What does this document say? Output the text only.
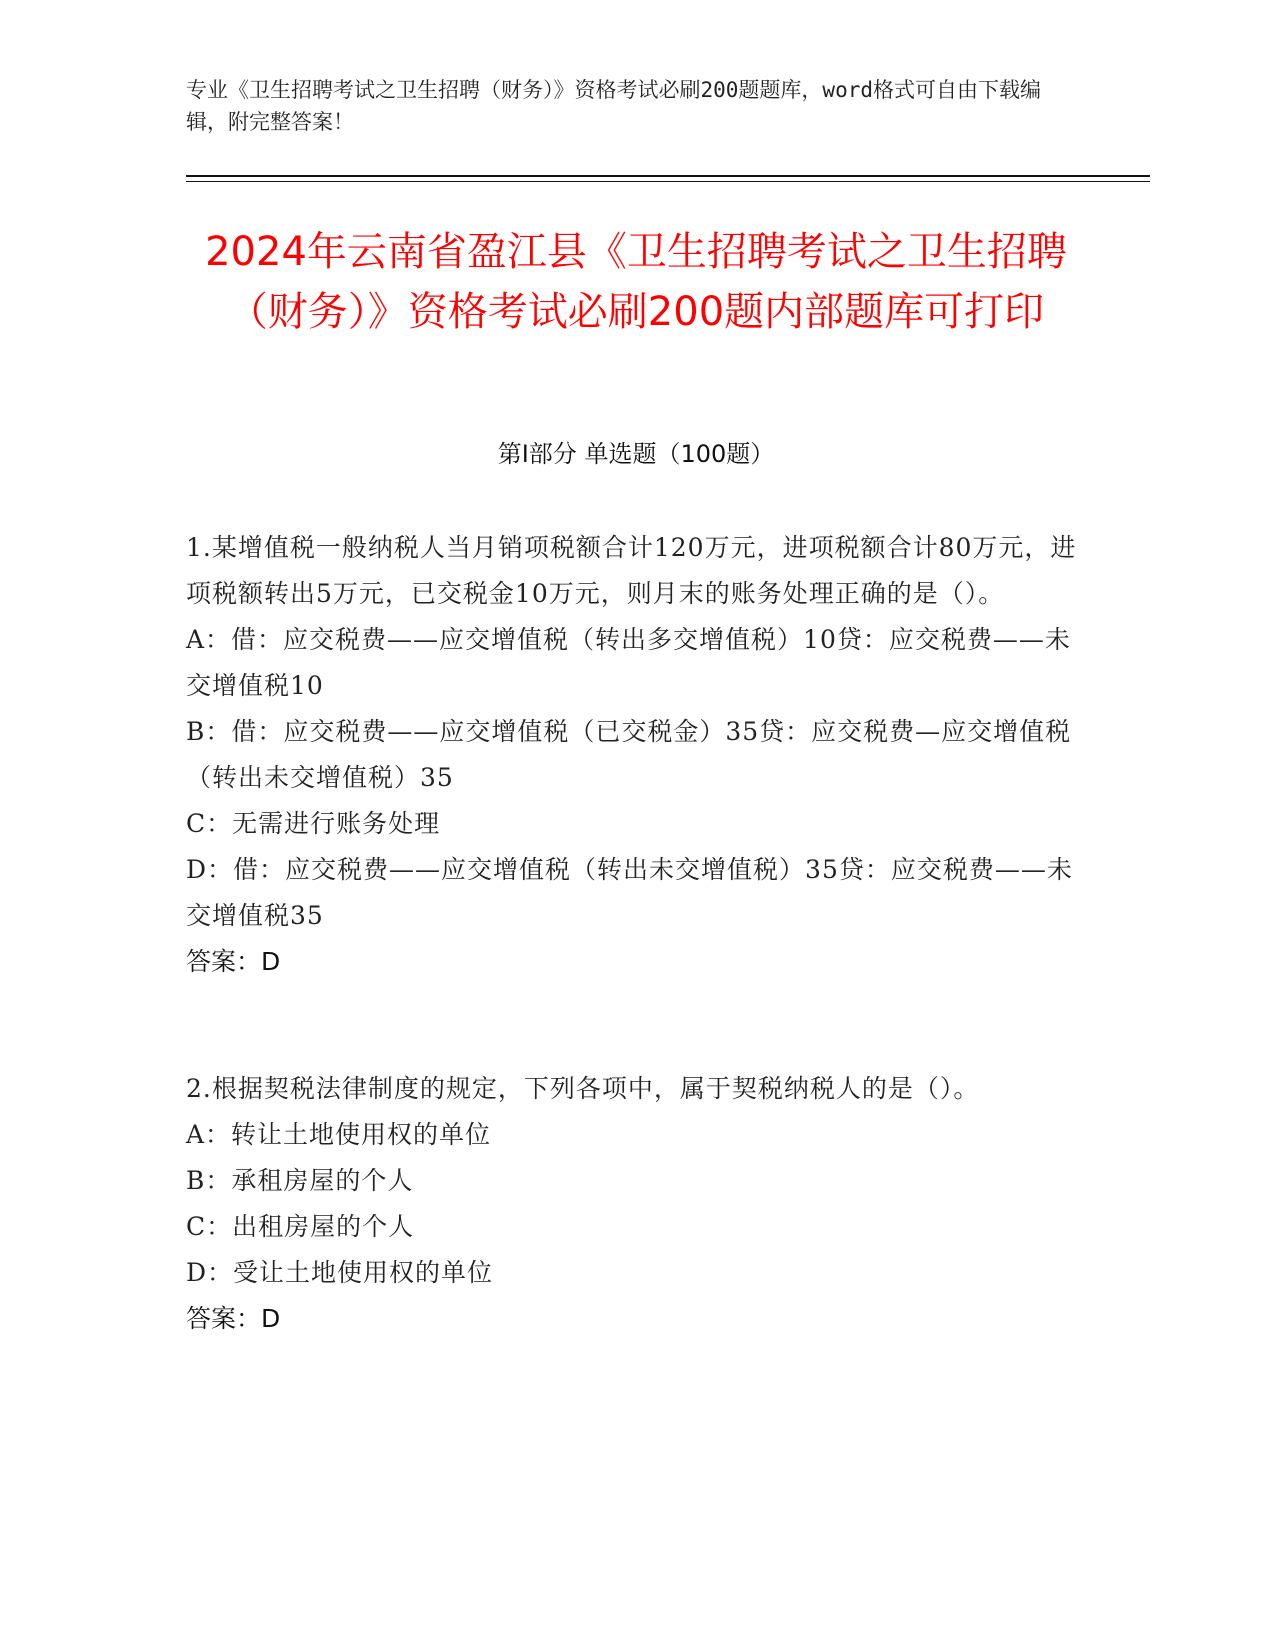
专业《卫生招聘考试之卫生招聘（财务）》资格考试必刷200题题库，word格式可自由下载编辑，附完整答案！
2024年云南省盈江县《卫生招聘考试之卫生招聘（财务）》资格考试必刷200题内部题库可打印
第I部分 单选题（100题）

1.某增值税一般纳税人当月销项税额合计120万元，进项税额合计80万元，进项税额转出5万元，已交税金10万元，则月末的账务处理正确的是（）。

A：借：应交税费——应交增值税（转出多交增值税）10贷：应交税费——未交增值税10

B：借：应交税费——应交增值税（已交税金）35贷：应交税费—应交增值税（转出未交增值税）35

C：无需进行账务处理

D：借：应交税费——应交增值税（转出未交增值税）35贷：应交税费——未交增值税35

答案：D

2.根据契税法律制度的规定，下列各项中，属于契税纳税人的是（）。

A：转让土地使用权的单位

B：承租房屋的个人

C：出租房屋的个人

D：受让土地使用权的单位

答案：D
